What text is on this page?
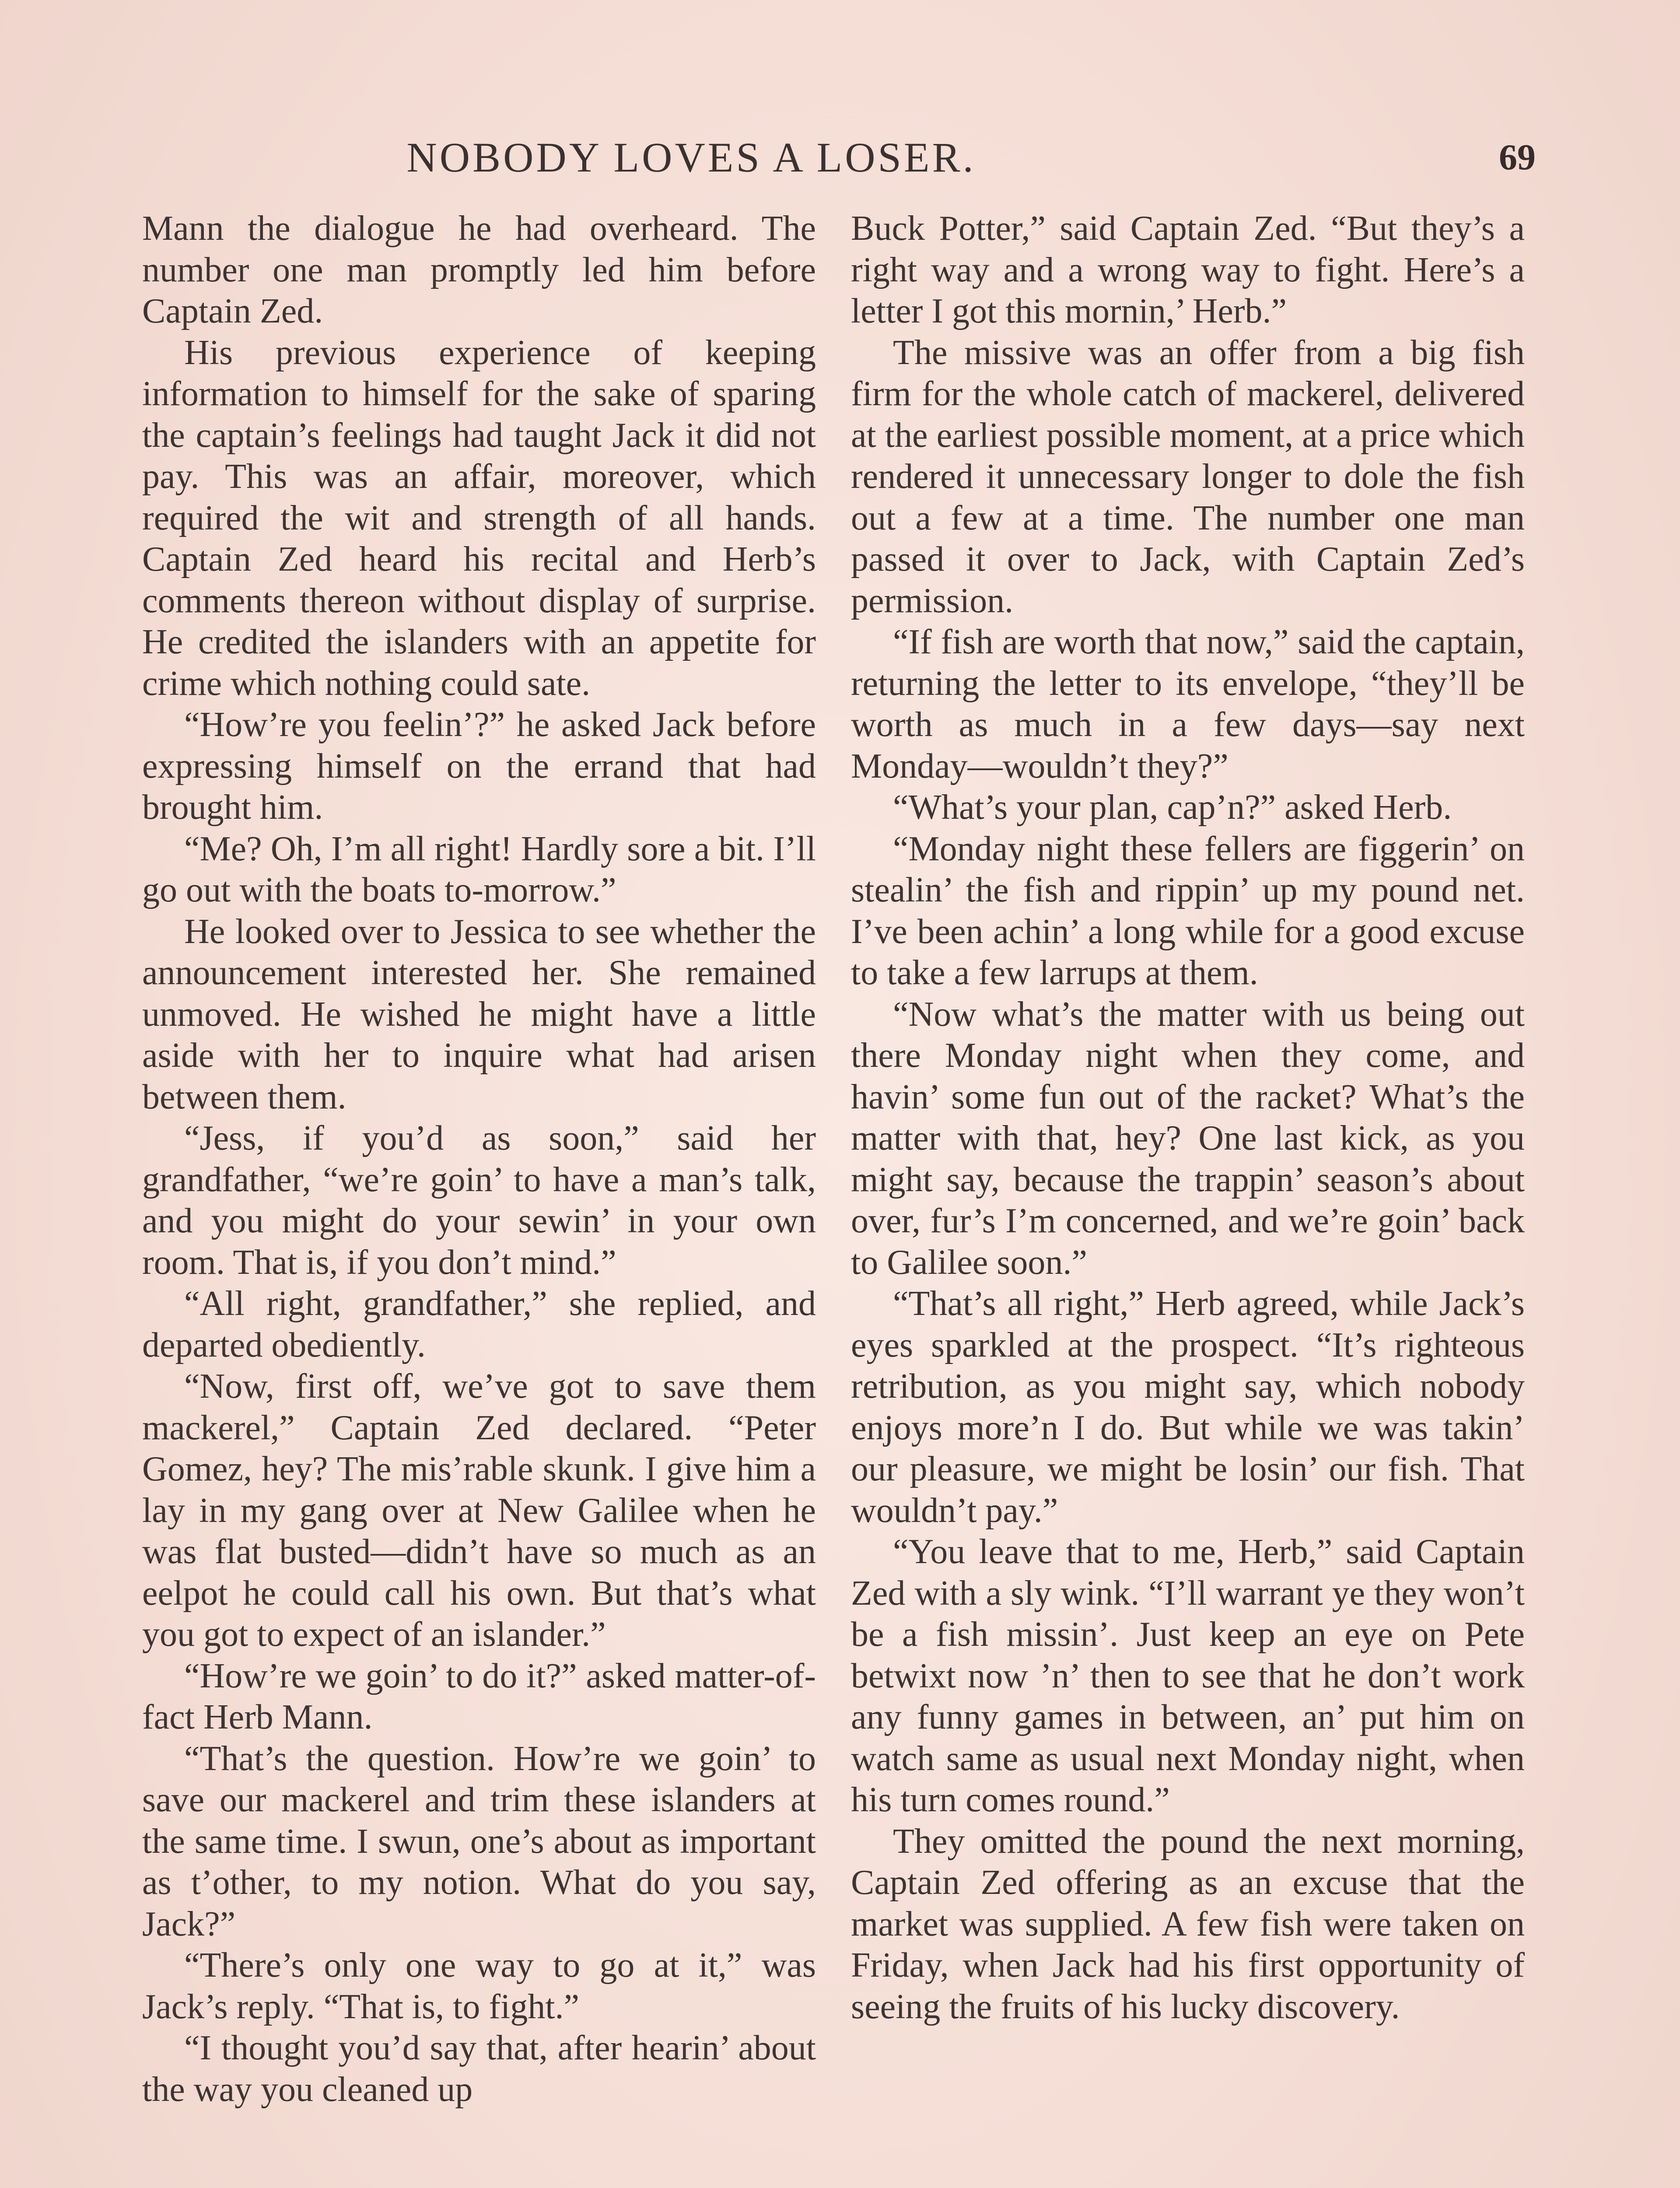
NOBODY LOVES A LOSER.	69

Mann the dialogue he had overheard. The number one man promptly led him before Captain Zed.

His previous experience of keeping information to himself for the sake of sparing the captain’s feelings had taught Jack it did not pay. This was an affair, moreover, which required the wit and strength of all hands. Captain Zed heard his recital and Herb’s comments thereon without display of surprise. He credited the islanders with an appetite for crime which nothing could sate.

“How’re you feelin’?” he asked Jack before expressing himself on the errand that had brought him.

“Me? Oh, I’m all right! Hardly sore a bit. I’ll go out with the boats to-morrow.”

He looked over to Jessica to see whether the announcement interested her. She remained unmoved. He wished he might have a little aside with her to inquire what had arisen between them.

“Jess, if you’d as soon,” said her grandfather, “we’re goin’ to have a man’s talk, and you might do your sewin’ in your own room. That is, if you don’t mind.”

“All right, grandfather,” she replied, and departed obediently.

“Now, first off, we’ve got to save them mackerel,” Captain Zed declared. “Peter Gomez, hey? The mis’rable skunk. I give him a lay in my gang over at New Galilee when he was flat busted—didn’t have so much as an eelpot he could call his own. But that’s what you got to expect of an islander.”

“How’re we goin’ to do it?” asked matter-of-fact Herb Mann.

“That’s the question. How’re we goin’ to save our mackerel and trim these islanders at the same time. I swun, one’s about as important as t’other, to my notion. What do you say, Jack?”

“There’s only one way to go at it,” was Jack’s reply. “That is, to fight.”

“I thought you’d say that, after hearin’ about the way you cleaned up

Buck Potter,” said Captain Zed. “But they’s a right way and a wrong way to fight. Here’s a letter I got this mornin,’ Herb.”

The missive was an offer from a big fish firm for the whole catch of mackerel, delivered at the earliest possible moment, at a price which rendered it unnecessary longer to dole the fish out a few at a time. The number one man passed it over to Jack, with Captain Zed’s permission.

“If fish are worth that now,” said the captain, returning the letter to its envelope, “they’ll be worth as much in a few days—say next Monday—wouldn’t they?”

“What’s your plan, cap’n?” asked Herb.

“Monday night these fellers are figgerin’ on stealin’ the fish and rippin’ up my pound net. I’ve been achin’ a long while for a good excuse to take a few larrups at them.

“Now what’s the matter with us being out there Monday night when they come, and havin’ some fun out of the racket? What’s the matter with that, hey? One last kick, as you might say, because the trappin’ season’s about over, fur’s I’m concerned, and we’re goin’ back to Galilee soon.”

“That’s all right,” Herb agreed, while Jack’s eyes sparkled at the prospect. “It’s righteous retribution, as you might say, which nobody enjoys more’n I do. But while we was takin’ our pleasure, we might be losin’ our fish. That wouldn’t pay.”

“You leave that to me, Herb,” said Captain Zed with a sly wink. “I’ll warrant ye they won’t be a fish missin’. Just keep an eye on Pete betwixt now ’n’ then to see that he don’t work any funny games in between, an’ put him on watch same as usual next Monday night, when his turn comes round.”

They omitted the pound the next morning, Captain Zed offering as an excuse that the market was supplied. A few fish were taken on Friday, when Jack had his first opportunity of seeing the fruits of his lucky discovery.
